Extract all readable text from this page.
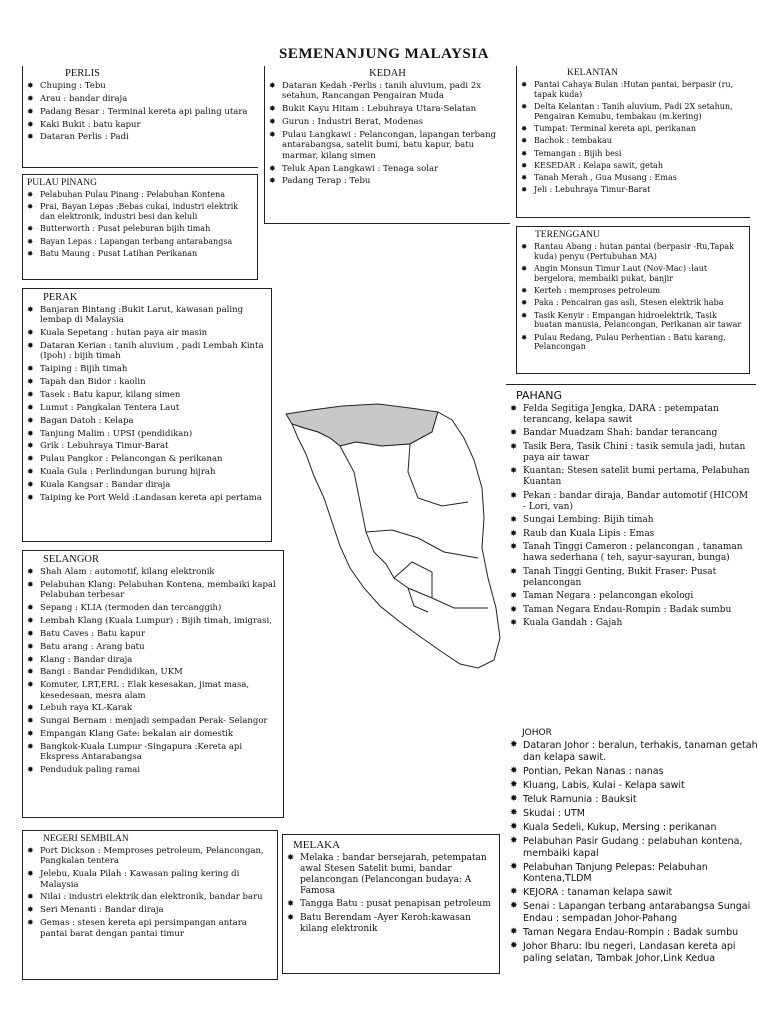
SEMENANJUNG MALAYSIA
PERLIS
✸ Chuping : Tebu
✸ Arau : bandar diraja
✸ Padang Besar : Terminal kereta api paling utara
✸ Kaki Bukit : batu kapur
✸ Dataran Perlis : Padi
PULAU PINANG
✸ Pelabuhan Pulau Pinang : Pelabuhan Kontena
✸ Prai, Bayan Lepas :Bebas cukai, industri elektrik dan elektronik, industri besi dan keluli
✸ Butterworth : Pusat peleburan bijih timah
✸ Bayan Lepas : Lapangan terbang antarabangsa
✸ Batu Maung : Pusat Latihan Perikanan
PERAK
✸ Banjaran Bintang :Bukit Larut, kawasan paling lembap di Malaysia
✸ Kuala Sepetang : hutan paya air masin
✸ Dataran Kerian : tanih aluvium , padi Lembah Kinta (Ipoh) : bijih timah
✸ Taiping : Bijih timah
✸ Tapah dan Bidor : kaolin
✸ Tasek : Batu kapur, kilang simen
✸ Lumut : Pangkalan Tentera Laut
✸ Bagan Datoh : Kelapa
✸ Tanjung Malim : UPSI (pendidikan)
✸ Grik : Lebuhraya Timur-Barat
✸ Pulau Pangkor : Pelancongan & perikanan
✸ Kuala Gula : Perlindungan burung hijrah
✸ Kuala Kangsar : Bandar diraja
✸ Taiping ke Port Weld :Landasan kereta api pertama
SELANGOR
✸ Shah Alam : automotif, kilang elektronik
✸ Pelabuhan Klang: Pelabuhan Kontena, membaiki kapal Pelabuhan terbesar
✸ Sepang : KLIA (termoden dan tercanggih)
✸ Lembah Klang (Kuala Lumpur) : Bijih timah, imigrasi,
✸ Batu Caves : Batu kapur
✸ Batu arang : Arang batu
✸ Klang : Bandar diraja
✸ Bangi : Bandar Pendidikan, UKM
✸ Komuter, LRT,ERL : Elak kesesakan, jimat masa, kesedesaan, mesra alam
✸ Lebuh raya KL-Karak
✸ Sungai Bernam : menjadi sempadan Perak- Selangor
✸ Empangan Klang Gate: bekalan air domestik
✸ Bangkok-Kuala Lumpur -Singapura :Kereta api Ekspress Antarabangsa
✸ Penduduk paling ramai
NEGERI SEMBILAN
✸ Port Dickson : Memproses petroleum, Pelancongan, Pangkalan tentera
✸ Jelebu, Kuala Pilah : Kawasan paling kering di Malaysia
✸ Nilai : industri elektrik dan elektronik, bandar baru
✸ Seri Menanti : Bandar diraja
✸ Gemas : stesen kereta api persimpangan antara pantai barat dengan pantai timur
KEDAH
✸ Dataran Kedah -Perlis : tanih aluvium, padi 2x setahun, Rancangan Pengairan Muda
✸ Bukit Kayu Hitam : Lebuhraya Utara-Selatan
✸ Gurun : Industri Berat, Modenas
✸ Pulau Langkawi : Pelancongan, lapangan terbang antarabangsa, satelit bumi, batu kapur, batu marmar, kilang simen
✸ Teluk Apan Langkawi : Tenaga solar
✸ Padang Terap : Tebu
KELANTAN
✸ Pantai Cahaya Bulan :Hutan pantai, berpasir (ru, tapak kuda)
✸ Delta Kelantan : Tanih aluvium, Padi 2X setahun, Pengairan Kemubu, tembakau (m.kering)
✸ Tumpat: Terminal kereta api, perikanan
✸ Bachok : tembakau
✸ Temangan : Bijih besi
✸ KESEDAR : Kelapa sawit, getah
✸ Tanah Merah , Gua Musang : Emas
✸ Jeli : Lebuhraya Timur-Barat
TERENGGANU
✸ Rantau Abang : hutan pantai (berpasir -Ru,Tapak kuda) penyu (Pertubuhan MA)
✸ Angin Monsun Timur Laut (Nov-Mac) :laut bergelora, membaiki pukat, banjir
✸ Kerteh : memproses petroleum
✸ Paka : Pencairan gas asli, Stesen elektrik haba
✸ Tasik Kenyir : Empangan hidroelektrik, Tasik buatan manusia, Pelancongan, Perikanan air tawar
✸ Pulau Redang, Pulau Perhentian : Batu karang, Pelancongan
PAHANG
✸ Felda Segitiga Jengka, DARA : petempatan terancang, kelapa sawit
✸ Bandar Muadzam Shah: bandar terancang
✸ Tasik Bera, Tasik Chini : tasik semula jadi, hutan paya air tawar
✸ Kuantan: Stesen satelit bumi pertama, Pelabuhan Kuantan
✸ Pekan : bandar diraja, Bandar automotif (HICOM - Lori, van)
✸ Sungai Lembing: Bijih timah
✸ Raub dan Kuala Lipis : Emas
✸ Tanah Tinggi Cameron : pelancongan , tanaman hawa sederhana ( teh, sayur-sayuran, bunga)
✸ Tanah Tinggi Genting, Bukit Fraser: Pusat pelancongan
✸ Taman Negara : pelancongan ekologi
✸ Taman Negara Endau-Rompin : Badak sumbu
✸ Kuala Gandah : Gajah
JOHOR
✸ Dataran Johor : beralun, terhakis, tanaman getah dan kelapa sawit.
✸ Pontian, Pekan Nanas : nanas
✸ Kluang, Labis, Kulai - Kelapa sawit
✸ Teluk Ramunia : Bauksit
✸ Skudai : UTM
✸ Kuala Sedeli, Kukup, Mersing : perikanan
✸ Pelabuhan Pasir Gudang : pelabuhan kontena, membaiki kapal
✸ Pelabuhan Tanjung Pelepas: Pelabuhan Kontena,TLDM
✸ KEJORA : tanaman kelapa sawit
✸ Senai : Lapangan terbang antarabangsa Sungai Endau : sempadan Johor-Pahang
✸ Taman Negara Endau-Rompin : Badak sumbu
✸ Johor Bharu: Ibu negeri, Landasan kereta api paling selatan, Tambak Johor,Link Kedua
MELAKA
✸ Melaka : bandar bersejarah, petempatan awal Stesen Satelit bumi, bandar pelancongan (Pelancongan budaya: A Famosa
✸ Tangga Batu : pusat penapisan petroleum
✸ Batu Berendam -Ayer Keroh:kawasan kilang elektronik
